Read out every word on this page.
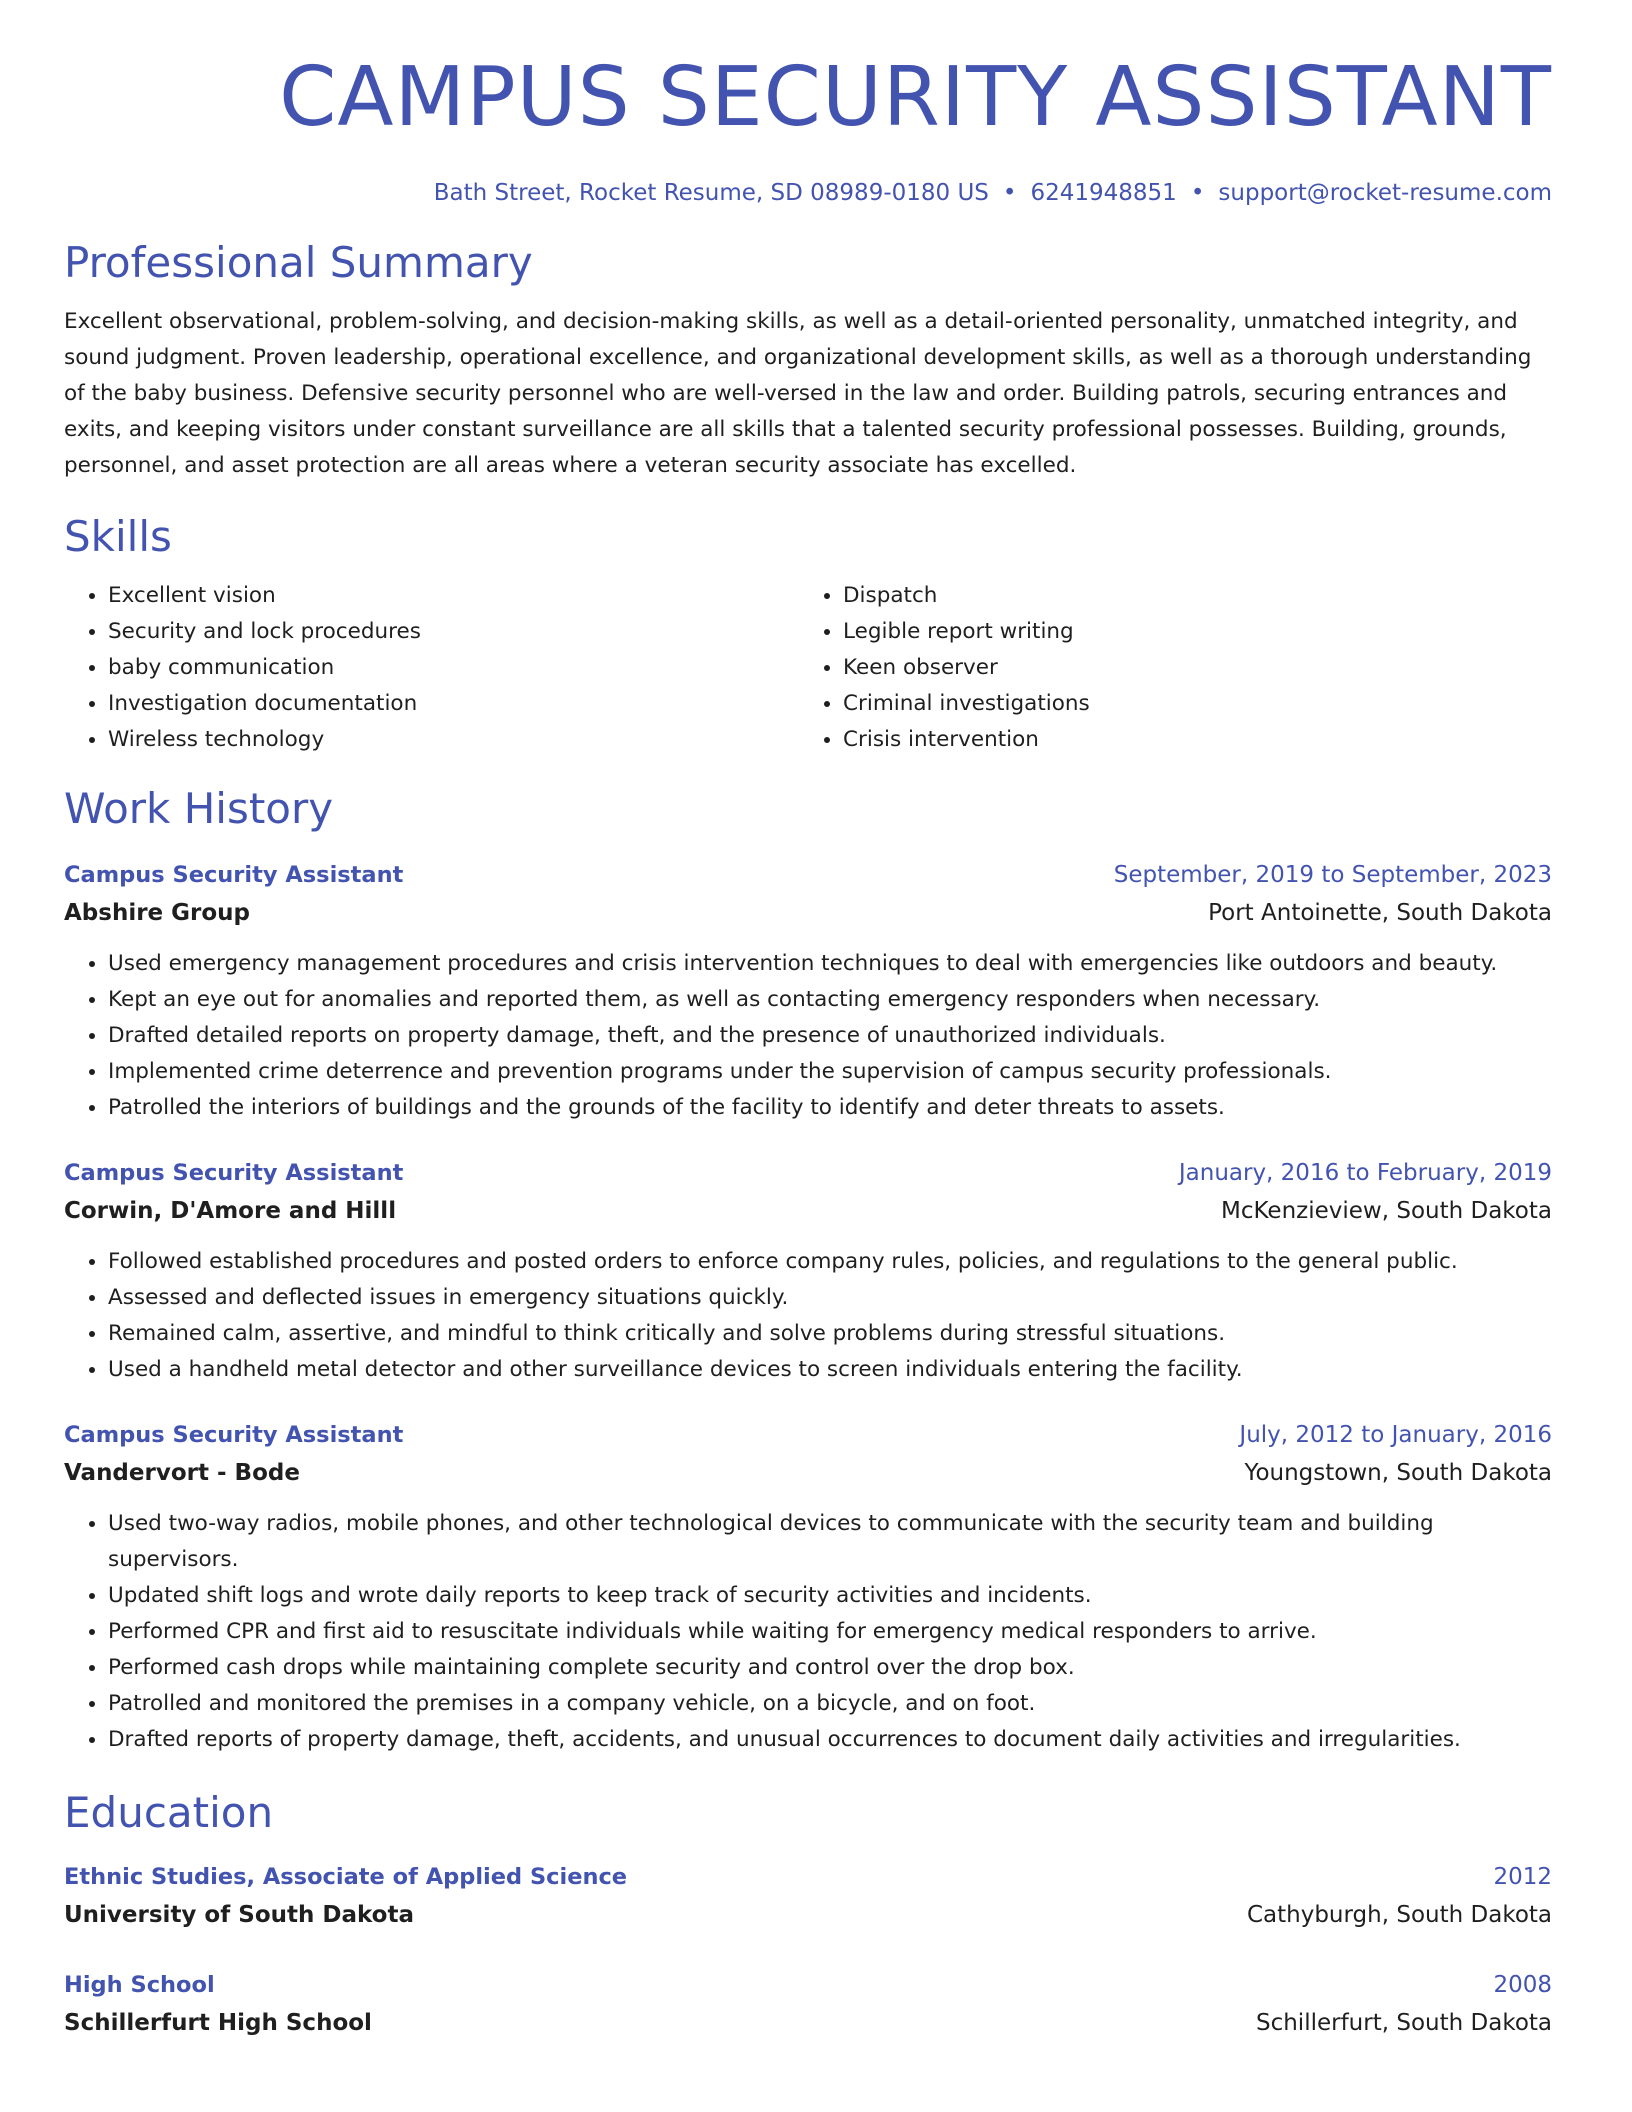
CAMPUS SECURITY ASSISTANT
Bath Street, Rocket Resume, SD 08989-0180 US • 6241948851 • support@rocket-resume.com
Professional Summary
Excellent observational, problem-solving, and decision-making skills, as well as a detail-oriented personality, unmatched integrity, and sound judgment. Proven leadership, operational excellence, and organizational development skills, as well as a thorough understanding of the baby business. Defensive security personnel who are well-versed in the law and order. Building patrols, securing entrances and exits, and keeping visitors under constant surveillance are all skills that a talented security professional possesses. Building, grounds, personnel, and asset protection are all areas where a veteran security associate has excelled.
Skills
• Excellent vision
• Security and lock procedures
• baby communication
• Investigation documentation
• Wireless technology
• Dispatch
• Legible report writing
• Keen observer
• Criminal investigations
• Crisis intervention
Work History
Campus Security Assistant	September, 2019 to September, 2023
Abshire Group	Port Antoinette, South Dakota
• Used emergency management procedures and crisis intervention techniques to deal with emergencies like outdoors and beauty.
• Kept an eye out for anomalies and reported them, as well as contacting emergency responders when necessary.
• Drafted detailed reports on property damage, theft, and the presence of unauthorized individuals.
• Implemented crime deterrence and prevention programs under the supervision of campus security professionals.
• Patrolled the interiors of buildings and the grounds of the facility to identify and deter threats to assets.
Campus Security Assistant	January, 2016 to February, 2019
Corwin, D'Amore and Hilll	McKenzieview, South Dakota
• Followed established procedures and posted orders to enforce company rules, policies, and regulations to the general public.
• Assessed and deflected issues in emergency situations quickly.
• Remained calm, assertive, and mindful to think critically and solve problems during stressful situations.
• Used a handheld metal detector and other surveillance devices to screen individuals entering the facility.
Campus Security Assistant	July, 2012 to January, 2016
Vandervort - Bode	Youngstown, South Dakota
• Used two-way radios, mobile phones, and other technological devices to communicate with the security team and building supervisors.
• Updated shift logs and wrote daily reports to keep track of security activities and incidents.
• Performed CPR and first aid to resuscitate individuals while waiting for emergency medical responders to arrive.
• Performed cash drops while maintaining complete security and control over the drop box.
• Patrolled and monitored the premises in a company vehicle, on a bicycle, and on foot.
• Drafted reports of property damage, theft, accidents, and unusual occurrences to document daily activities and irregularities.
Education
Ethnic Studies, Associate of Applied Science	2012
University of South Dakota	Cathyburgh, South Dakota
High School	2008
Schillerfurt High School	Schillerfurt, South Dakota
